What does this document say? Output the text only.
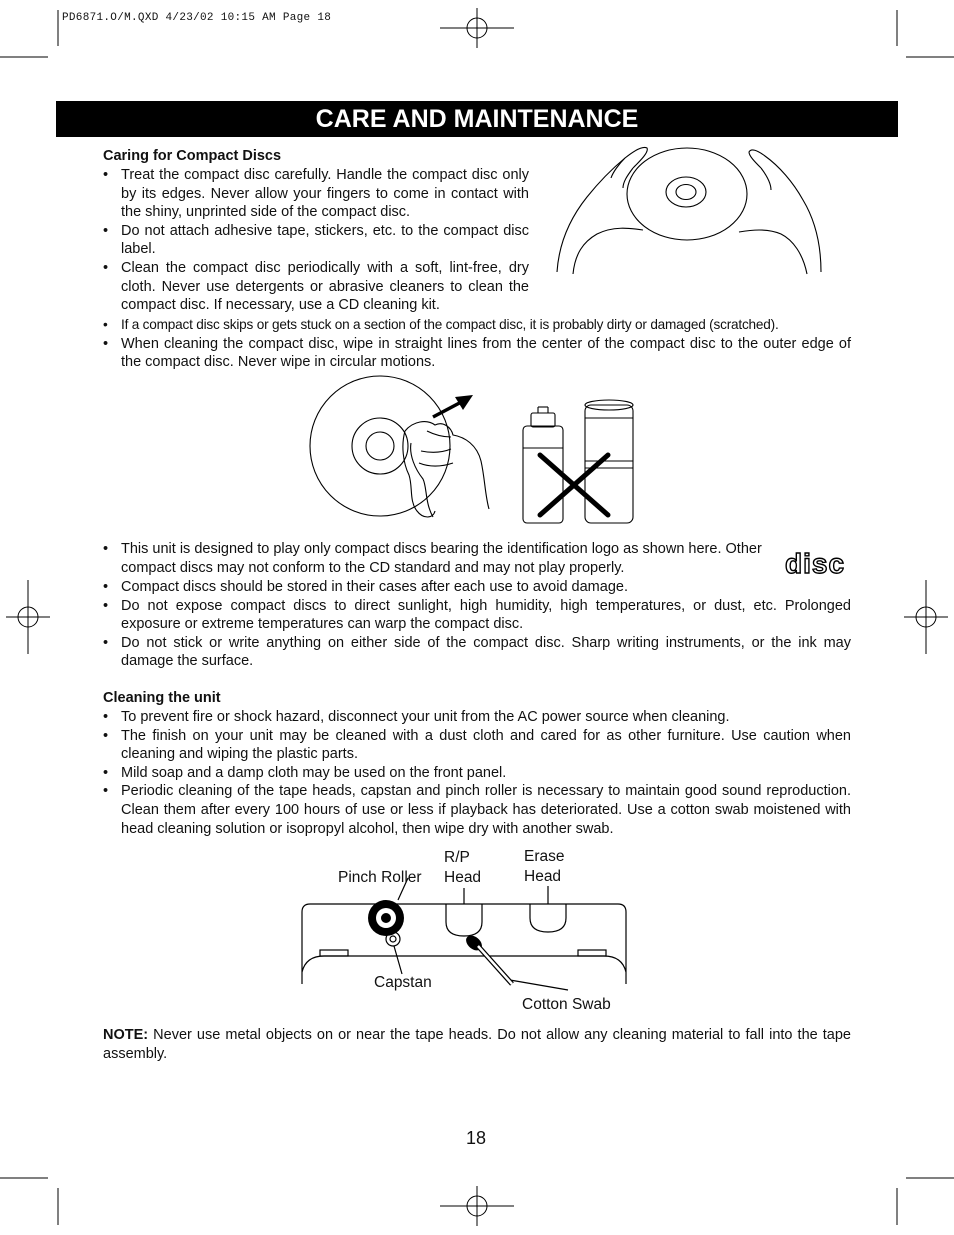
PD6871.O/M.QXD 4/23/02 10:15 AM Page 18
CARE AND MAINTENANCE
Caring for Compact Discs
• Treat the compact disc carefully. Handle the compact disc only by its edges. Never allow your fingers to come in contact with the shiny, unprinted side of the compact disc.
• Do not attach adhesive tape, stickers, etc. to the compact disc label.
• Clean the compact disc periodically with a soft, lint-free, dry cloth. Never use detergents or abrasive cleaners to clean the compact disc. If necessary, use a CD cleaning kit.
• If a compact disc skips or gets stuck on a section of the compact disc, it is probably dirty or damaged (scratched).
• When cleaning the compact disc, wipe in straight lines from the center of the compact disc to the outer edge of the compact disc. Never wipe in circular motions.
• This unit is designed to play only compact discs bearing the identification logo as shown here. Other compact discs may not conform to the CD standard and may not play properly.	disc
• Compact discs should be stored in their cases after each use to avoid damage.
• Do not expose compact discs to direct sunlight, high humidity, high temperatures, or dust, etc. Prolonged exposure or extreme temperatures can warp the compact disc.
• Do not stick or write anything on either side of the compact disc. Sharp writing instruments, or the ink may damage the surface.
Cleaning the unit
• To prevent fire or shock hazard, disconnect your unit from the AC power source when cleaning.
• The finish on your unit may be cleaned with a dust cloth and cared for as other furniture. Use caution when cleaning and wiping the plastic parts.
• Mild soap and a damp cloth may be used on the front panel.
• Periodic cleaning of the tape heads, capstan and pinch roller is necessary to maintain good sound reproduction. Clean them after every 100 hours of use or less if playback has deteriorated. Use a cotton swab moistened with head cleaning solution or isopropyl alcohol, then wipe dry with another swab.
Pinch Roller
R/P
Head
Erase
Head
Capstan
Cotton Swab
NOTE: Never use metal objects on or near the tape heads. Do not allow any cleaning material to fall into the tape assembly.
18
